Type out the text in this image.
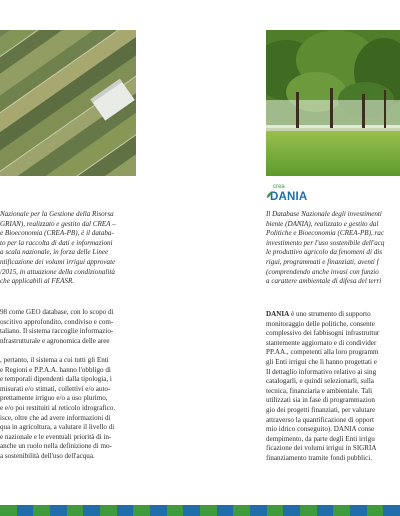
crea
DANIA
Nazionale per la Gestione della Risorsa
GRIAN), realizzato e gestito dal CREA –
e Bioeconomia (CREA-PB), è il databa-
to per la raccolta di dati e informazioni
a scala nazionale, in forza delle Linee
ntificazione dei volumi irrigui approvate
/2015, in attuazione della condizionalità
che applicabili al FEASR.
98 come GEO database, con lo scopo di
oscitivo approfondito, condiviso e com-
taliano. Il sistema raccoglie informazio-
nfrastrutturale e agronomica delle aree
, pertanto, il sistema a cui tutti gli Enti
e Regioni e P.P.A.A. hanno l'obbligo di
e temporali dipendenti dalla tipologia, i
misurati e/o stimati, collettivi e/o auto-
prettamente irriguo e/o a uso plurimo,
e e/o poi restituiti al reticolo idrografico.
isce, oltre che ad avere informazioni di
qua in agricoltura, a valutare il livello di
e nazionale e le eventuali priorità di in-
anche un ruolo nella definizione di mo-
a sostenibilità dell'uso dell'acqua.
Il Database Nazionale degli investimenti
biente (DANIA), realizzato e gestito dal
Politiche e Bioeconomia (CREA-PB), rac
investimento per l'uso sostenibile dell'acq
le produttivo agricolo da fenomeni di dis
rigui, programmati e finanziati, aventi f
(comprendendo anche invasi con funzio
a carattere ambientale di difesa del terri
DANIA è uno strumento di supporto
monitoraggio delle politiche, consente
complessivo dei fabbisogni infrastruttur
stantemente aggiornato e di condivider
PP.AA., competenti alla loro programm
gli Enti irrigui che li hanno progettati e
Il dettaglio informativo relativo ai sing
catalogarli, e quindi selezionarli, sulla
tecnica, finanziaria e ambientale. Tali
utilizzati sia in fase di programmazion
gio dei progetti finanziati, per valutare
attraverso la quantificazione di opport
mio idrico conseguito). DANIA conse
dempimento, da parte degli Enti irrigu
ficazione dei volumi irrigui in SIGRIA
finanziamento tramite fondi pubblici.
